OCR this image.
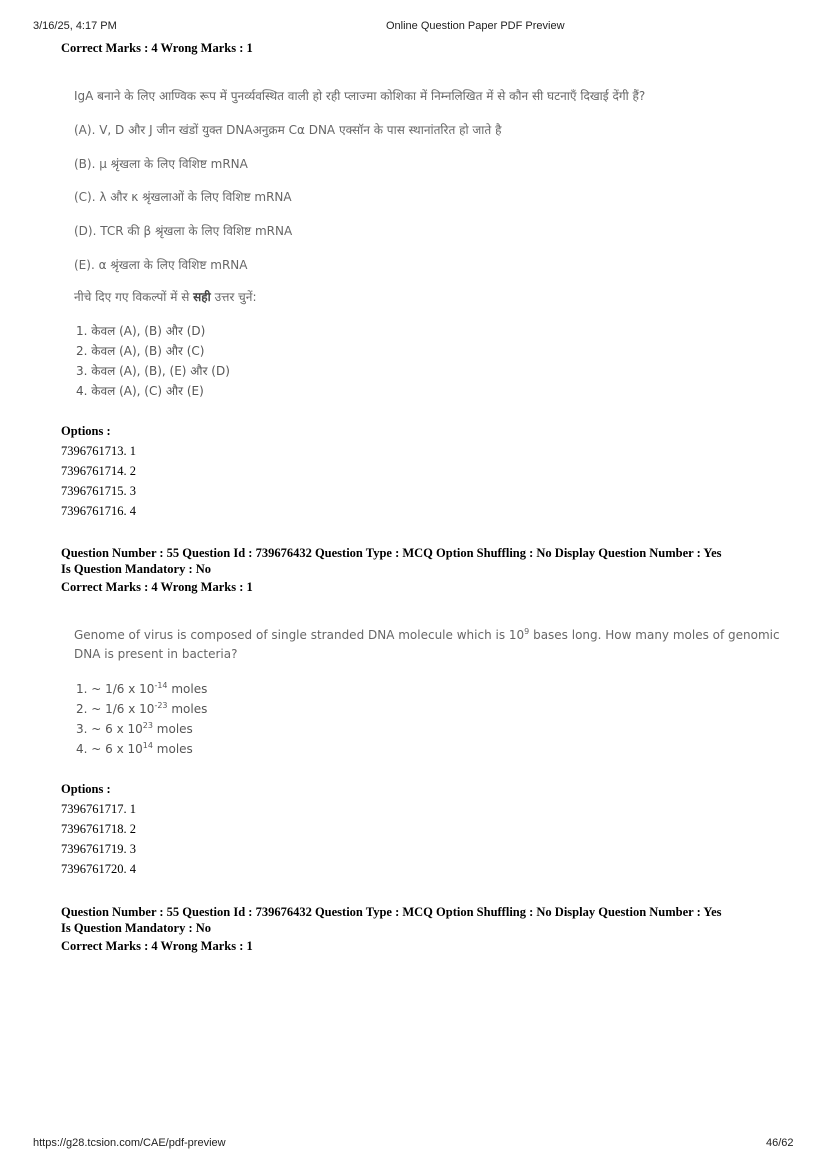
3/16/25, 4:17 PM	Online Question Paper PDF Preview
Correct Marks : 4 Wrong Marks : 1
IgA बनाने के लिए आण्विक रूप में पुनर्व्यवस्थित वाली हो रही प्लाज्मा कोशिका में निम्नलिखित में से कौन सी घटनाएँ दिखाई देंगी हैं?
(A). V, D और J जीन खंडों युक्त DNAअनुक्रम Cα DNA एक्सॉन के पास स्थानांतरित हो जाते है
(B). μ श्रृंखला के लिए विशिष्ट mRNA
(C). λ और κ श्रृंखलाओं के लिए विशिष्ट mRNA
(D). TCR की β श्रृंखला के लिए विशिष्ट mRNA
(E). α श्रृंखला के लिए विशिष्ट mRNA
नीचे दिए गए विकल्पों में से सही उत्तर चुनें:
1. केवल (A), (B) और (D)
2. केवल (A), (B) और (C)
3. केवल (A), (B), (E) और (D)
4. केवल (A), (C) और (E)
Options :
7396761713. 1
7396761714. 2
7396761715. 3
7396761716. 4
Question Number : 55 Question Id : 739676432 Question Type : MCQ Option Shuffling : No Display Question Number : Yes
Is Question Mandatory : No
Correct Marks : 4 Wrong Marks : 1
Genome of virus is composed of single stranded DNA molecule which is $10^9$ bases long. How many moles of genomic
DNA is present in bacteria?
1. ~ 1/6 x $10^{-14}$ moles
2. ~ 1/6 x $10^{-23}$ moles
3. ~ 6 x $10^{23}$ moles
4. ~ 6 x $10^{14}$ moles
Options :
7396761717. 1
7396761718. 2
7396761719. 3
7396761720. 4
Question Number : 55 Question Id : 739676432 Question Type : MCQ Option Shuffling : No Display Question Number : Yes
Is Question Mandatory : No
Correct Marks : 4 Wrong Marks : 1
https://g28.tcsion.com/CAE/pdf-preview	46/62
